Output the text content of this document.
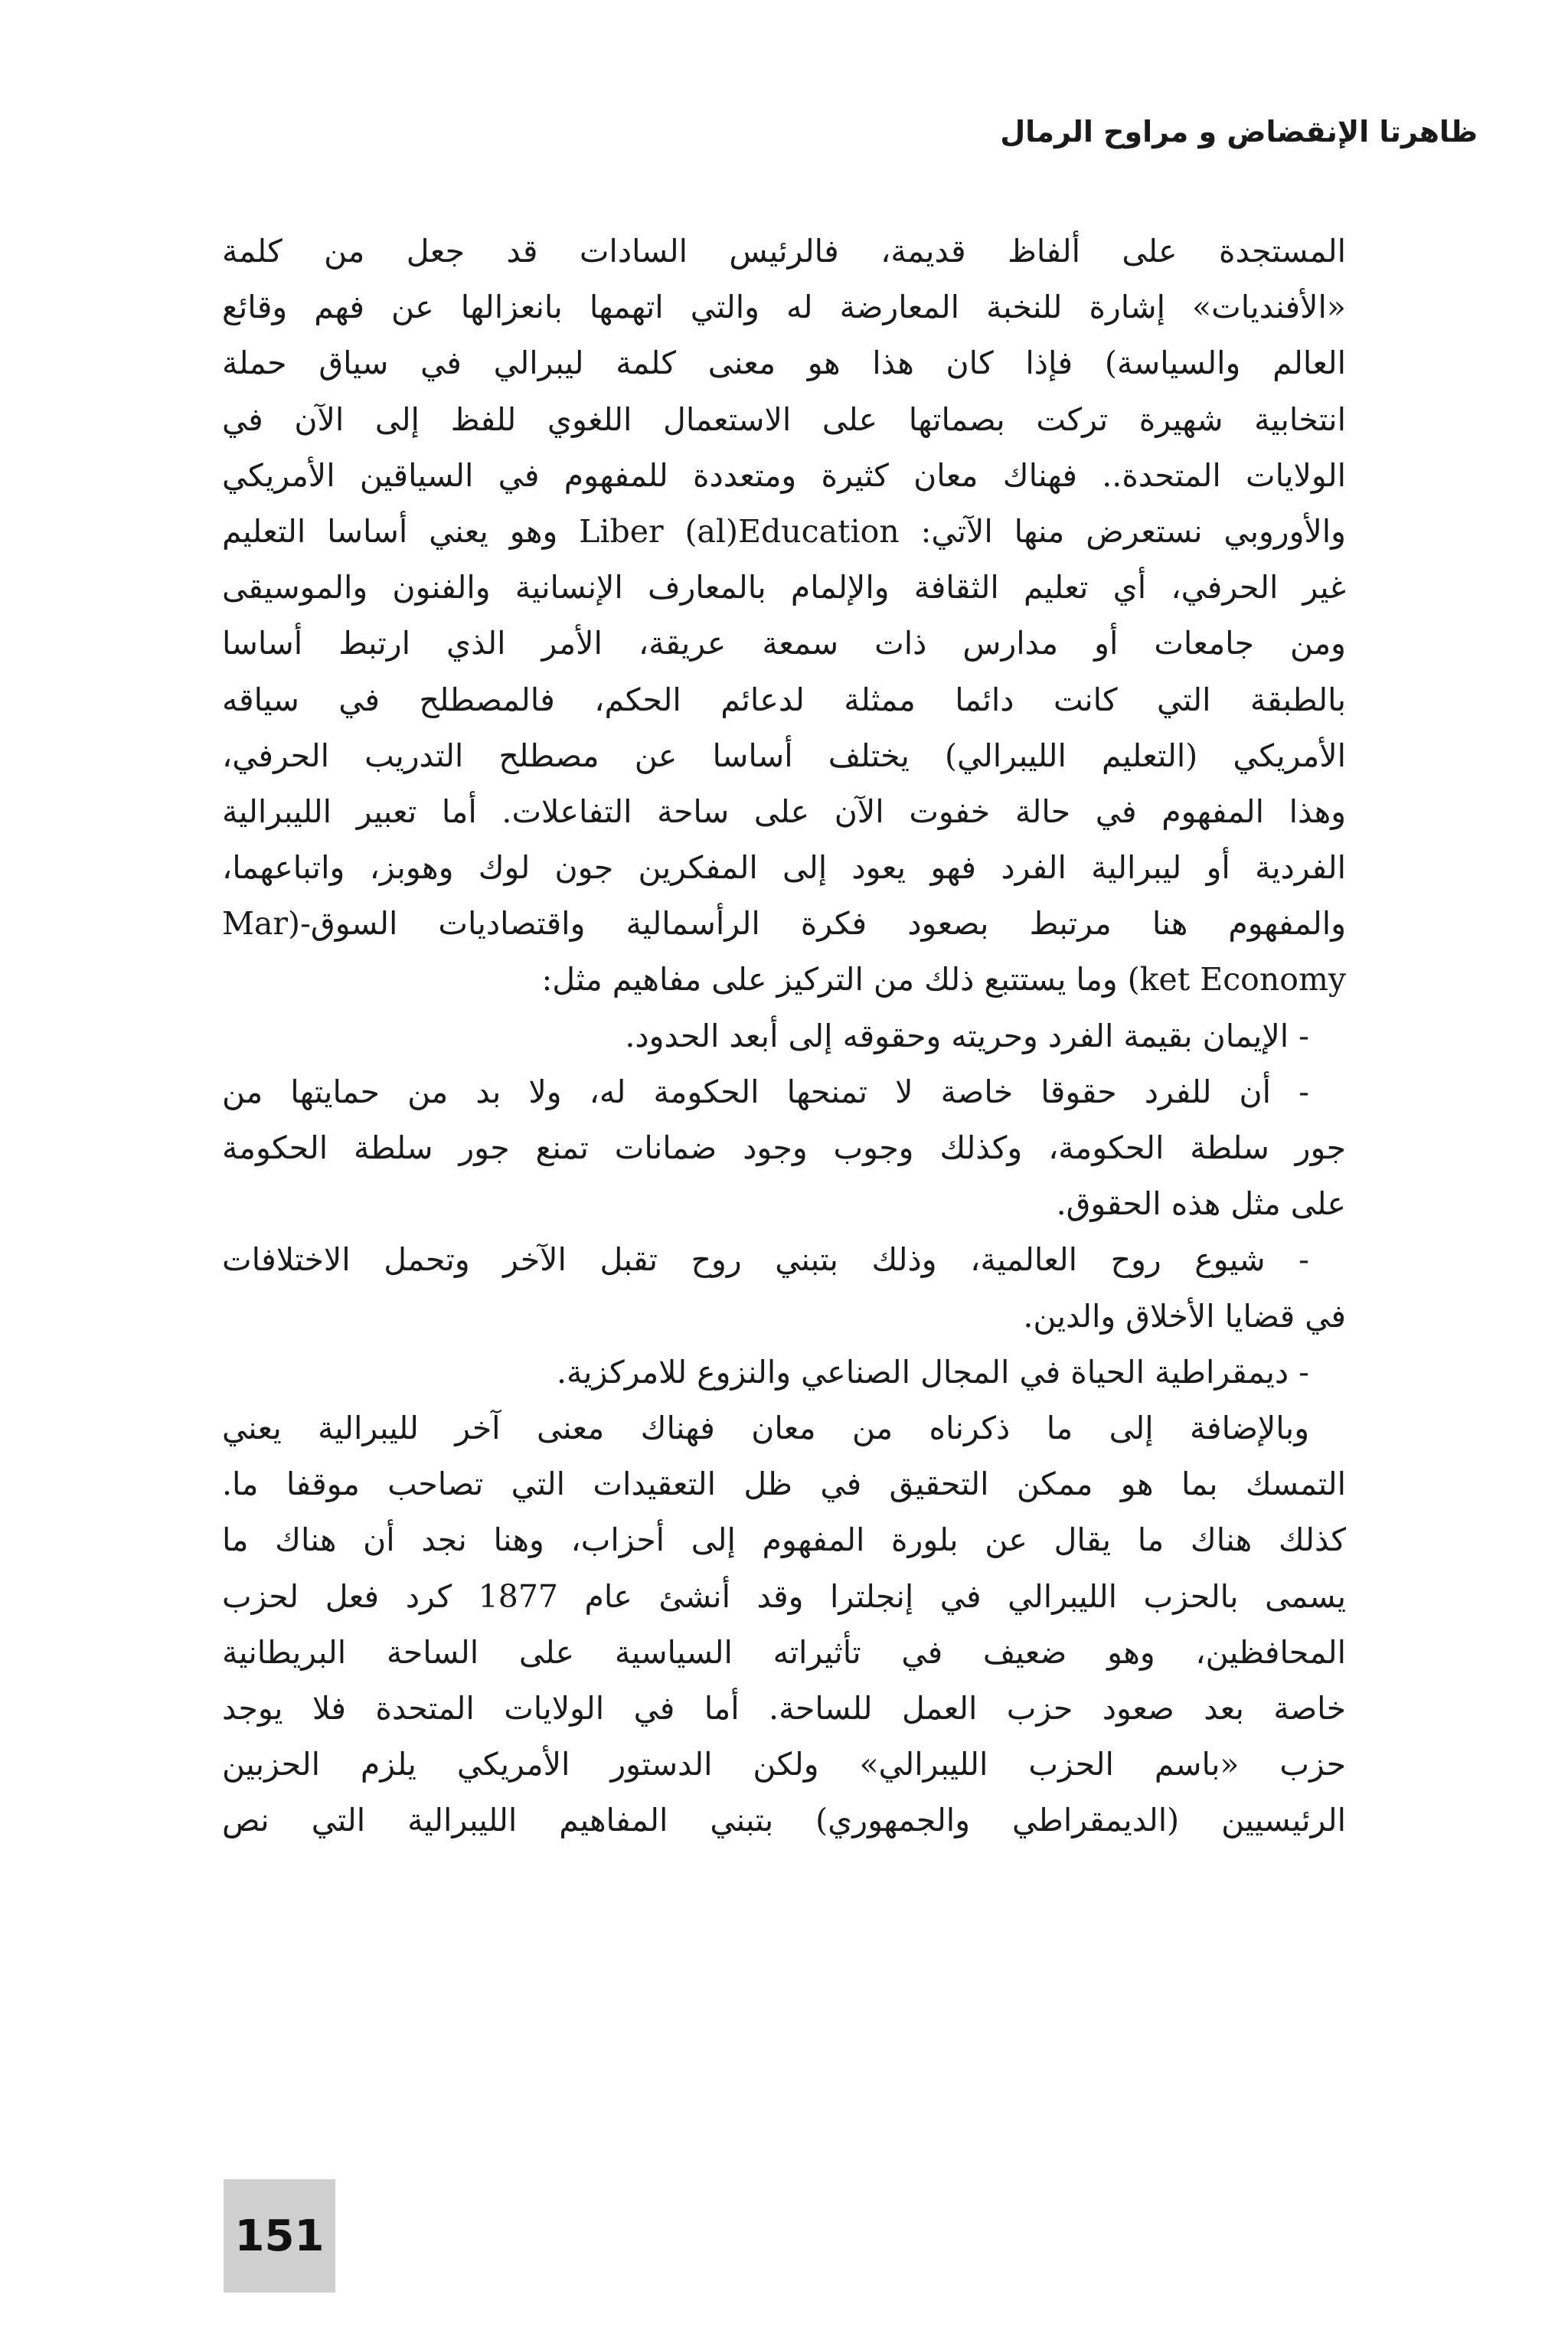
ظاهرتا الإنقضاض و مراوح الرمال
المستجدة على ألفاظ قديمة، فالرئيس السادات قد جعل من كلمة
«الأفنديات» إشارة للنخبة المعارضة له والتي اتهمها بانعزالها عن فهم وقائع
العالم والسياسة) فإذا كان هذا هو معنى كلمة ليبرالي في سياق حملة
انتخابية شهيرة تركت بصماتها على الاستعمال اللغوي للفظ إلى الآن في
الولايات المتحدة.. فهناك معان كثيرة ومتعددة للمفهوم في السياقين الأمريكي
والأوروبي نستعرض منها الآتي: Liber (al)Education وهو يعني أساسا التعليم
غير الحرفي، أي تعليم الثقافة والإلمام بالمعارف الإنسانية والفنون والموسيقى
ومن جامعات أو مدارس ذات سمعة عريقة، الأمر الذي ارتبط أساسا
بالطبقة التي كانت دائما ممثلة لدعائم الحكم، فالمصطلح في سياقه
الأمريكي (التعليم الليبرالي) يختلف أساسا عن مصطلح التدريب الحرفي،
وهذا المفهوم في حالة خفوت الآن على ساحة التفاعلات. أما تعبير الليبرالية
الفردية أو ليبرالية الفرد فهو يعود إلى المفكرين جون لوك وهوبز، واتباعهما،
والمفهوم هنا مرتبط بصعود فكرة الرأسمالية واقتصاديات السوق-(Mar
ket Economy) وما يستتبع ذلك من التركيز على مفاهيم مثل:
- الإيمان بقيمة الفرد وحريته وحقوقه إلى أبعد الحدود.
- أن للفرد حقوقا خاصة لا تمنحها الحكومة له، ولا بد من حمايتها من
جور سلطة الحكومة، وكذلك وجوب وجود ضمانات تمنع جور سلطة الحكومة
على مثل هذه الحقوق.
- شيوع روح العالمية، وذلك بتبني روح تقبل الآخر وتحمل الاختلافات
في قضايا الأخلاق والدين.
- ديمقراطية الحياة في المجال الصناعي والنزوع للامركزية.
وبالإضافة إلى ما ذكرناه من معان فهناك معنى آخر لليبرالية يعني
التمسك بما هو ممكن التحقيق في ظل التعقيدات التي تصاحب موقفا ما.
كذلك هناك ما يقال عن بلورة المفهوم إلى أحزاب، وهنا نجد أن هناك ما
يسمى بالحزب الليبرالي في إنجلترا وقد أنشئ عام 1877 كرد فعل لحزب
المحافظين، وهو ضعيف في تأثيراته السياسية على الساحة البريطانية
خاصة بعد صعود حزب العمل للساحة. أما في الولايات المتحدة فلا يوجد
حزب «باسم الحزب الليبرالي» ولكن الدستور الأمريكي يلزم الحزبين
الرئيسيين (الديمقراطي والجمهوري) بتبني المفاهيم الليبرالية التي نص
151
